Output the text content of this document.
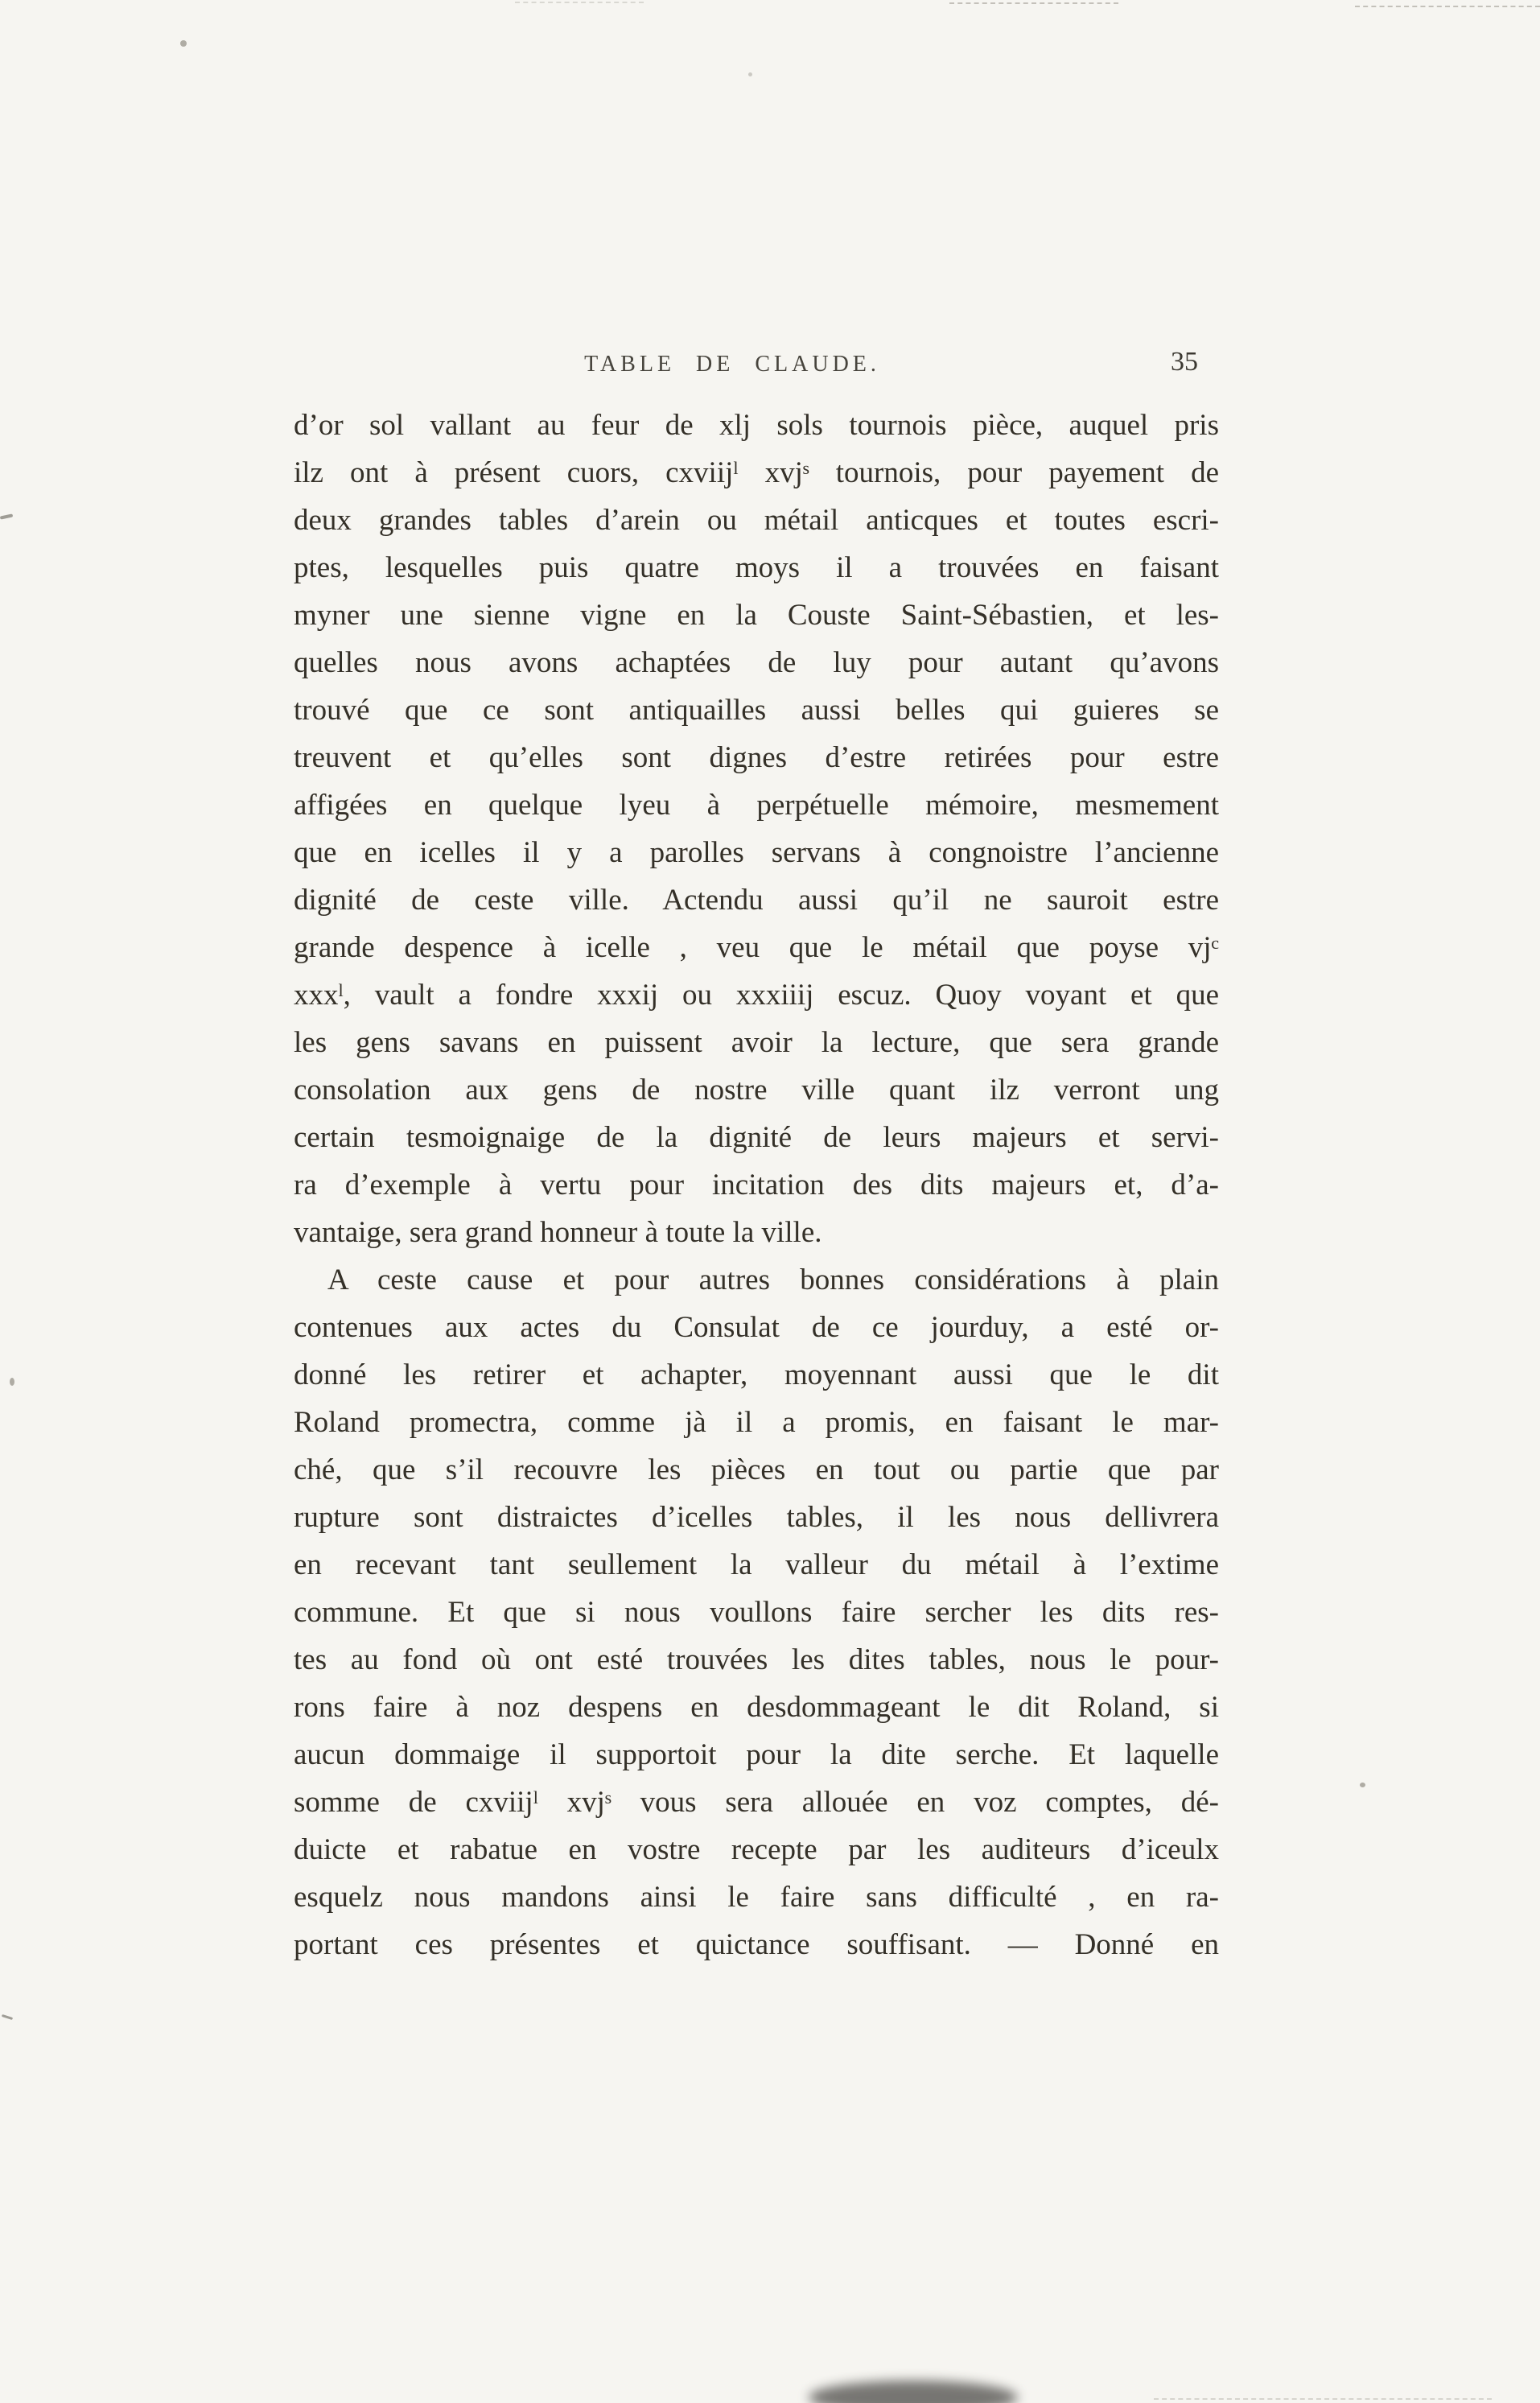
TABLE DE CLAUDE.	35
d’or sol vallant au feur de xlj sols tournois pièce, auquel pris
ilz ont à présent cuors, cxviijˡ xvjˢ tournois, pour payement de
deux grandes tables d’arein ou métail anticques et toutes escri-
ptes, lesquelles puis quatre moys il a trouvées en faisant
myner une sienne vigne en la Couste Saint-Sébastien, et les-
quelles nous avons achaptées de luy pour autant qu’avons
trouvé que ce sont antiquailles aussi belles qui guieres se
treuvent et qu’elles sont dignes d’estre retirées pour estre
affigées en quelque lyeu à perpétuelle mémoire, mesmement
que en icelles il y a parolles servans à congnoistre l’ancienne
dignité de ceste ville. Actendu aussi qu’il ne sauroit estre
grande despence à icelle , veu que le métail que poyse vjᶜ
xxxˡ, vault a fondre xxxij ou xxxiiij escuz. Quoy voyant et que
les gens savans en puissent avoir la lecture, que sera grande
consolation aux gens de nostre ville quant ilz verront ung
certain tesmoignaige de la dignité de leurs majeurs et servi-
ra d’exemple à vertu pour incitation des dits majeurs et, d’a-
vantaige, sera grand honneur à toute la ville.
A ceste cause et pour autres bonnes considérations à plain
contenues aux actes du Consulat de ce jourduy, a esté or-
donné les retirer et achapter, moyennant aussi que le dit
Roland promectra, comme jà il a promis, en faisant le mar-
ché, que s’il recouvre les pièces en tout ou partie que par
rupture sont distraictes d’icelles tables, il les nous dellivrera
en recevant tant seullement la valleur du métail à l’extime
commune. Et que si nous voullons faire sercher les dits res-
tes au fond où ont esté trouvées les dites tables, nous le pour-
rons faire à noz despens en desdommageant le dit Roland, si
aucun dommaige il supportoit pour la dite serche. Et laquelle
somme de cxviijˡ xvjˢ vous sera allouée en voz comptes, dé-
duicte et rabatue en vostre recepte par les auditeurs d’iceulx
esquelz nous mandons ainsi le faire sans difficulté , en ra-
portant ces présentes et quictance souffisant. — Donné en
